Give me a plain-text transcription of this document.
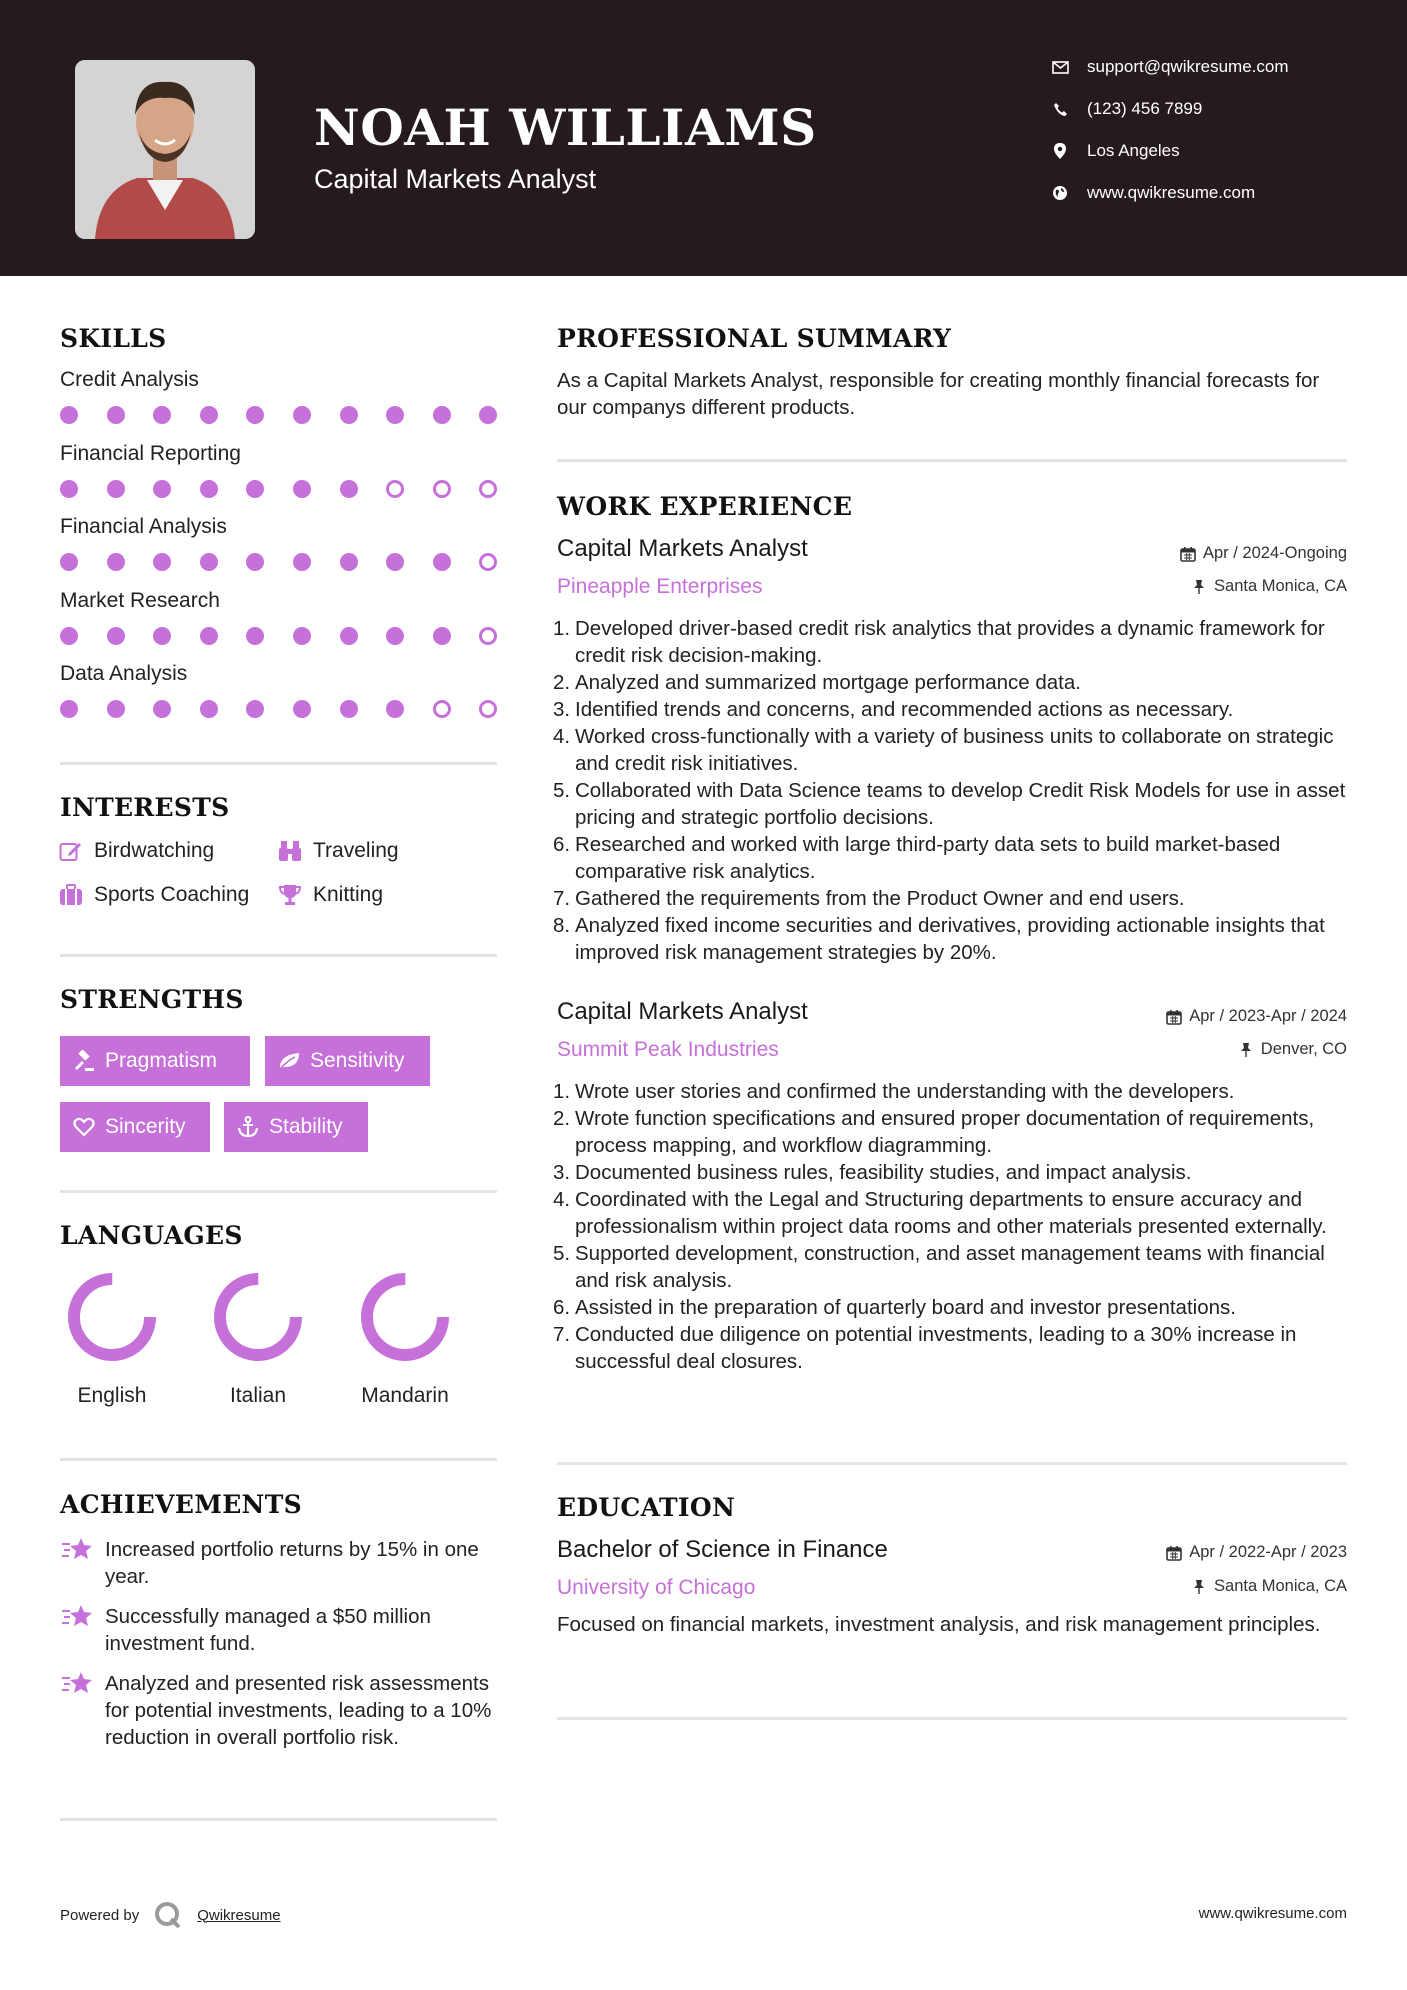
NOAH WILLIAMS
Capital Markets Analyst
support@qwikresume.com
(123) 456 7899
Los Angeles
www.qwikresume.com
SKILLS
Credit Analysis
Financial Reporting
Financial Analysis
Market Research
Data Analysis
INTERESTS
Birdwatching	Traveling
Sports Coaching	Knitting
STRENGTHS
Pragmatism	Sensitivity
Sincerity	Stability
LANGUAGES
English	Italian	Mandarin
ACHIEVEMENTS
Increased portfolio returns by 15% in one year.
Successfully managed a $50 million investment fund.
Analyzed and presented risk assessments for potential investments, leading to a 10% reduction in overall portfolio risk.
PROFESSIONAL SUMMARY
As a Capital Markets Analyst, responsible for creating monthly financial forecasts for our companys different products.
WORK EXPERIENCE
Capital Markets Analyst	Apr / 2024-Ongoing
Pineapple Enterprises	Santa Monica, CA
1. Developed driver-based credit risk analytics that provides a dynamic framework for credit risk decision-making.
2. Analyzed and summarized mortgage performance data.
3. Identified trends and concerns, and recommended actions as necessary.
4. Worked cross-functionally with a variety of business units to collaborate on strategic and credit risk initiatives.
5. Collaborated with Data Science teams to develop Credit Risk Models for use in asset pricing and strategic portfolio decisions.
6. Researched and worked with large third-party data sets to build market-based comparative risk analytics.
7. Gathered the requirements from the Product Owner and end users.
8. Analyzed fixed income securities and derivatives, providing actionable insights that improved risk management strategies by 20%.
Capital Markets Analyst	Apr / 2023-Apr / 2024
Summit Peak Industries	Denver, CO
1. Wrote user stories and confirmed the understanding with the developers.
2. Wrote function specifications and ensured proper documentation of requirements, process mapping, and workflow diagramming.
3. Documented business rules, feasibility studies, and impact analysis.
4. Coordinated with the Legal and Structuring departments to ensure accuracy and professionalism within project data rooms and other materials presented externally.
5. Supported development, construction, and asset management teams with financial and risk analysis.
6. Assisted in the preparation of quarterly board and investor presentations.
7. Conducted due diligence on potential investments, leading to a 30% increase in successful deal closures.
EDUCATION
Bachelor of Science in Finance	Apr / 2022-Apr / 2023
University of Chicago	Santa Monica, CA
Focused on financial markets, investment analysis, and risk management principles.
Powered by	Qwikresume	www.qwikresume.com
